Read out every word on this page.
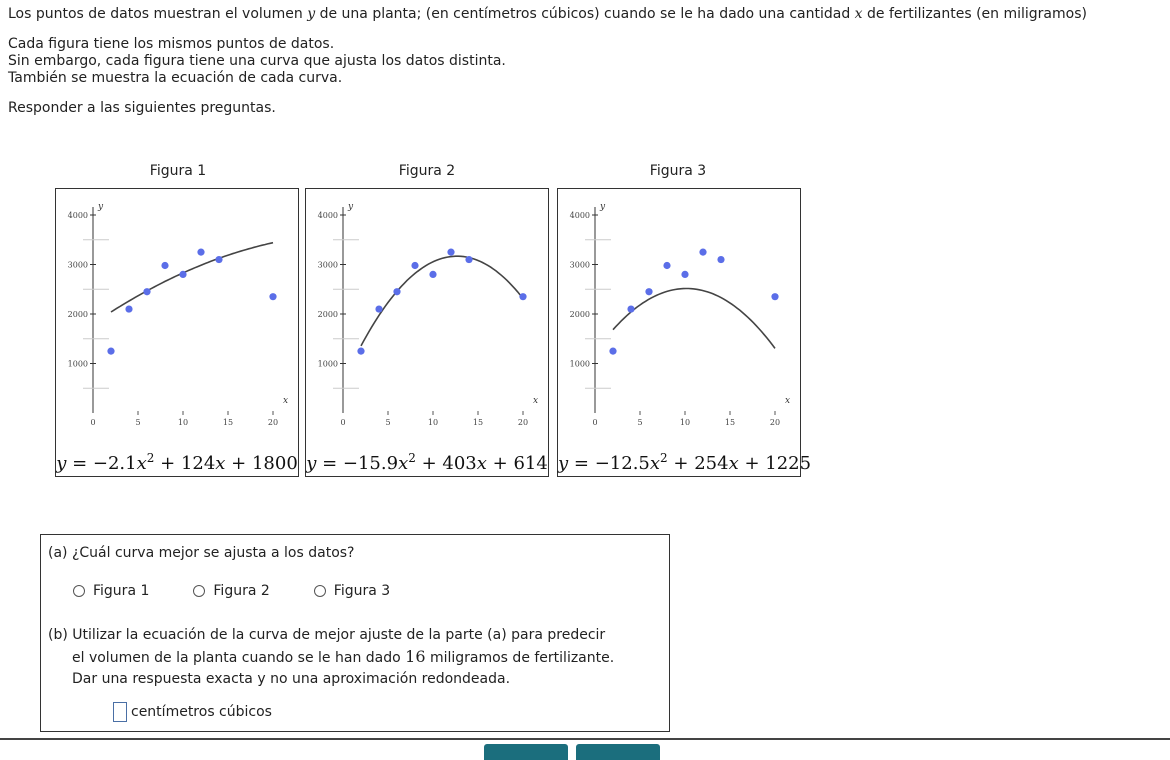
Los puntos de datos muestran el volumen y de una planta; (en centímetros cúbicos) cuando se le ha dado una cantidad x de fertilizantes (en miligramos)

Cada figura tiene los mismos puntos de datos.

Sin embargo, cada figura tiene una curva que ajusta los datos distinta.

También se muestra la ecuación de cada curva.

Responder a las siguientes preguntas.

Figura 1	Figura 2	Figura 3
1000
2000
3000
4000
0	5	10	15	20
y
x
$y = -2.1x^2 + 124x + 1800$
1000
2000
3000
4000
0	5	10	15	20
y
x
$y = -15.9x^2 + 403x + 614$
1000
2000
3000
4000
0	5	10	15	20
y
x
$y = -12.5x^2 + 254x + 1225$
(a) ¿Cuál curva mejor se ajusta a los datos?
Figura 1	Figura 2	Figura 3
(b) Utilizar la ecuación de la curva de mejor ajuste de la parte (a) para predecir
el volumen de la planta cuando se le han dado 16 miligramos de fertilizante.
Dar una respuesta exacta y no una aproximación redondeada.
centímetros cúbicos
